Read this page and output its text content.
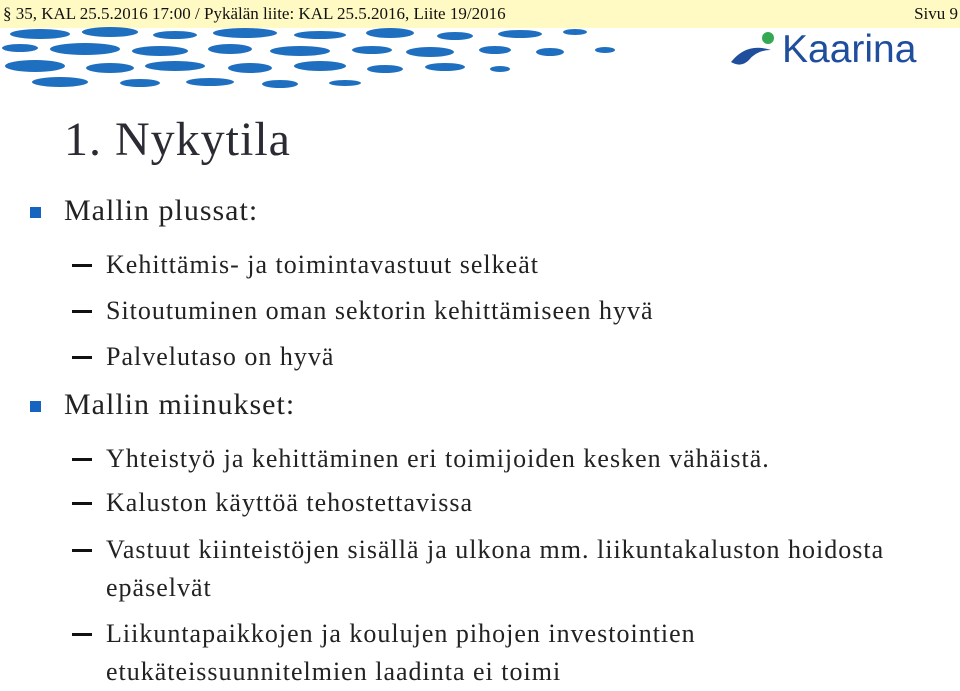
§ 35, KAL 25.5.2016 17:00 / Pykälän liite: KAL 25.5.2016, Liite 19/2016	Sivu 9
Kaarina
1. Nykytila
Mallin plussat:
Kehittämis- ja toimintavastuut selkeät
Sitoutuminen oman sektorin kehittämiseen hyvä
Palvelutaso on hyvä
Mallin miinukset:
Yhteistyö ja kehittäminen eri toimijoiden kesken vähäistä.
Kaluston käyttöä tehostettavissa
Vastuut kiinteistöjen sisällä ja ulkona mm. liikuntakaluston hoidosta epäselvät
Liikuntapaikkojen ja koulujen pihojen investointien etukäteissuunnitelmien laadinta ei toimi
